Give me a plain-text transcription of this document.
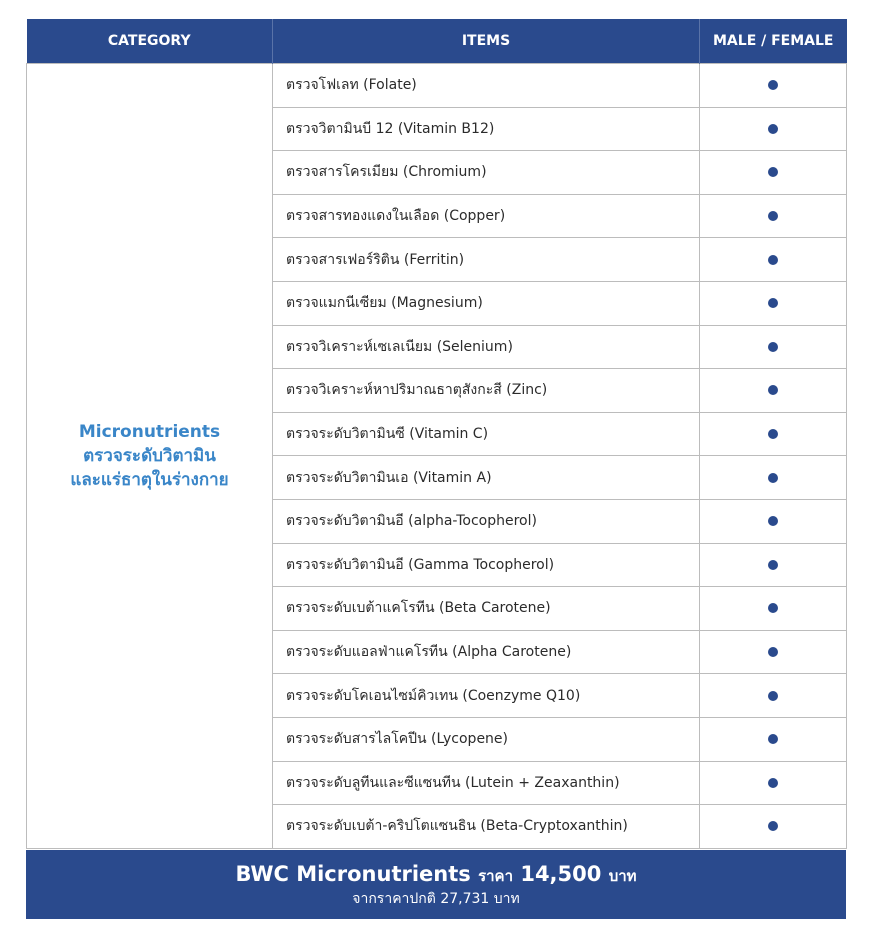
CATEGORY	ITEMS	MALE / FEMALE

Micronutrients
ตรวจระดับวิตามิน
และแร่ธาตุในร่างกาย	ตรวจโฟเลท (Folate)	
	ตรวจวิตามินบี 12 (Vitamin B12)	
	ตรวจสารโครเมียม (Chromium)	
	ตรวจสารทองแดงในเลือด (Copper)	
	ตรวจสารเฟอร์ริติน (Ferritin)	
	ตรวจแมกนีเซียม (Magnesium)	
	ตรวจวิเคราะห์เซเลเนียม (Selenium)	
	ตรวจวิเคราะห์หาปริมาณธาตุสังกะสี (Zinc)	
	ตรวจระดับวิตามินซี (Vitamin C)	
	ตรวจระดับวิตามินเอ (Vitamin A)	
	ตรวจระดับวิตามินอี (alpha-Tocopherol)	
	ตรวจระดับวิตามินอี (Gamma Tocopherol)	
	ตรวจระดับเบต้าแคโรทีน (Beta Carotene)	
	ตรวจระดับแอลฟ่าแคโรทีน (Alpha Carotene)	
	ตรวจระดับโคเอนไซม์คิวเทน (Coenzyme Q10)	
	ตรวจระดับสารไลโคปีน (Lycopene)	
	ตรวจระดับลูทีนและซีแซนทีน (Lutein + Zeaxanthin)	
	ตรวจระดับเบต้า-คริปโตแซนธิน (Beta-Cryptoxanthin)	
BWC Micronutrients ราคา 14,500 บาท
จากราคาปกติ 27,731 บาท
